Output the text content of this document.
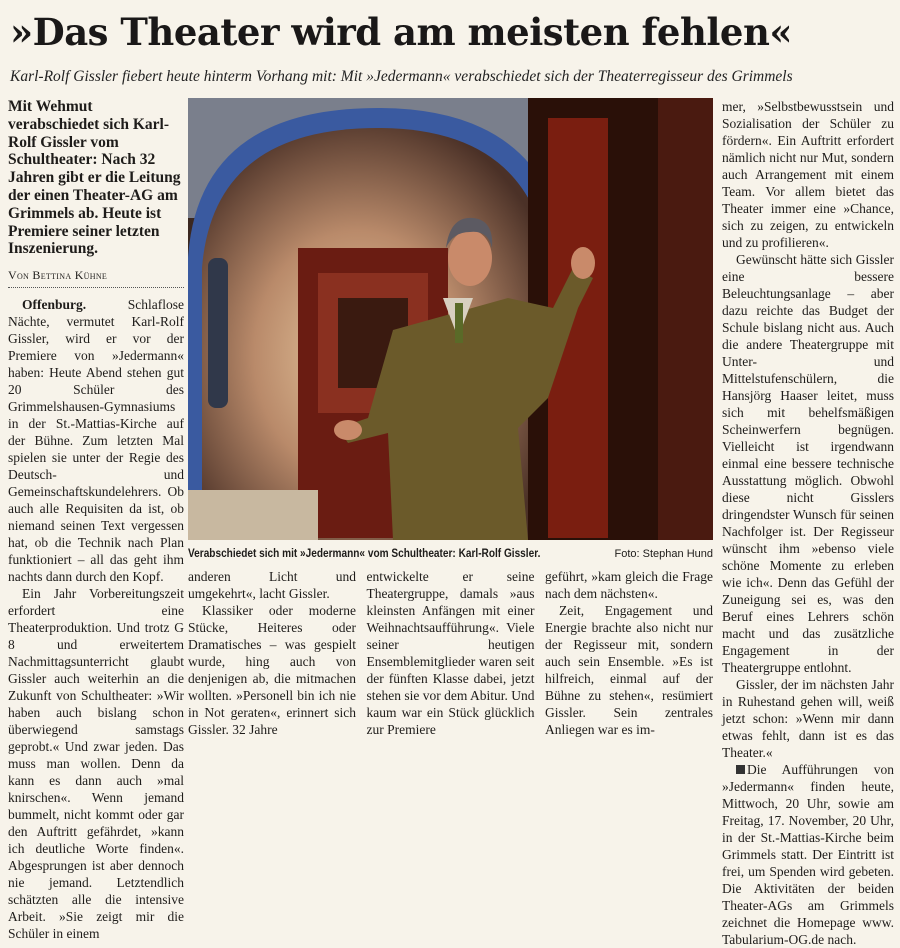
»Das Theater wird am meisten fehlen«
Karl-Rolf Gissler fiebert heute hinterm Vorhang mit: Mit »Jedermann« verabschiedet sich der Theaterregisseur des Grimmels
Mit Wehmut verabschiedet sich Karl-Rolf Gissler vom Schultheater: Nach 32 Jahren gibt er die Leitung der einen Theater-AG am Grimmels ab. Heute ist Premiere seiner letzten Inszenierung.
Von Bettina Kühne

Offenburg.	Schlaflose Nächte, vermutet Karl-Rolf Gissler, wird er vor der Premiere von »Jedermann« haben: Heute Abend stehen gut 20 Schüler des Grimmelshausen-Gymnasiums in der St.-Mattias-Kirche auf der Bühne. Zum letzten Mal spielen sie unter der Regie des Deutsch- und Gemeinschaftskundelehrers. Ob auch alle Requisiten da ist, ob niemand seinen Text vergessen hat, ob die Technik nach Plan funktioniert – all das geht ihm nachts dann durch den Kopf.

Ein Jahr Vorbereitungszeit erfordert eine Theaterproduktion. Und trotz G 8 und erweitertem Nachmittagsunterricht glaubt Gissler auch weiterhin an die Zukunft von Schultheater: »Wir haben auch bislang schon überwiegend samstags geprobt.« Und zwar jeden. Das muss man wollen. Denn da kann es dann auch »mal knirschen«. Wenn jemand bummelt, nicht kommt oder gar den Auftritt gefährdet, »kann ich deutliche Worte finden«. Abgesprungen ist aber dennoch nie jemand. Letztendlich schätzten alle die intensive Arbeit. »Sie zeigt mir die Schüler in einem

Verabschiedet sich mit »Jedermann« vom Schultheater: Karl-Rolf Gissler.	Foto: Stephan Hund

anderen Licht und umgekehrt«, lacht Gissler.

Klassiker oder moderne Stücke, Heiteres oder Dramatisches – was gespielt wurde, hing auch von denjenigen ab, die mitmachen wollten. »Personell bin ich nie in Not geraten«, erinnert sich Gissler. 32 Jahre

entwickelte er seine Theatergruppe, damals »aus kleinsten Anfängen mit einer Weihnachtsaufführung«. Viele seiner heutigen Ensemblemitglieder waren seit der fünften Klasse dabei, jetzt stehen sie vor dem Abitur. Und kaum war ein Stück glücklich zur Premiere

geführt, »kam gleich die Frage nach dem nächsten«.

Zeit, Engagement und Energie brachte also nicht nur der Regisseur mit, sondern auch sein Ensemble. »Es ist hilfreich, einmal auf der Bühne zu stehen«, resümiert Gissler. Sein zentrales Anliegen war es im-

mer, »Selbstbewusstsein und Sozialisation der Schüler zu fördern«. Ein Auftritt erfordert nämlich nicht nur Mut, sondern auch Arrangement mit einem Team. Vor allem bietet das Theater immer eine »Chance, sich zu zeigen, zu entwickeln und zu profilieren«.

Gewünscht hätte sich Gissler eine bessere Beleuchtungsanlage – aber dazu reichte das Budget der Schule bislang nicht aus. Auch die andere Theatergruppe mit Unter- und Mittelstufenschülern, die Hansjörg Haaser leitet, muss sich mit behelfsmäßigen Scheinwerfern begnügen. Vielleicht ist irgendwann einmal eine bessere technische Ausstattung möglich. Obwohl diese nicht Gisslers dringendster Wunsch für seinen Nachfolger ist. Der Regisseur wünscht ihm »ebenso viele schöne Momente zu erleben wie ich«. Denn das Gefühl der Zuneigung sei es, was den Beruf eines Lehrers schön macht und das zusätzliche Engagement in der Theatergruppe entlohnt.

Gissler, der im nächsten Jahr in Ruhestand gehen will, weiß jetzt schon: »Wenn mir dann etwas fehlt, dann ist es das Theater.«

Die Aufführungen von »Jedermann« finden heute, Mittwoch, 20 Uhr, sowie am Freitag, 17. November, 20 Uhr, in der St.-Mattias-Kirche beim Grimmels statt. Der Eintritt ist frei, um Spenden wird gebeten. Die Aktivitäten der beiden Theater-AGs am Grimmels zeichnet die Homepage www. Tabularium-OG.de nach.
